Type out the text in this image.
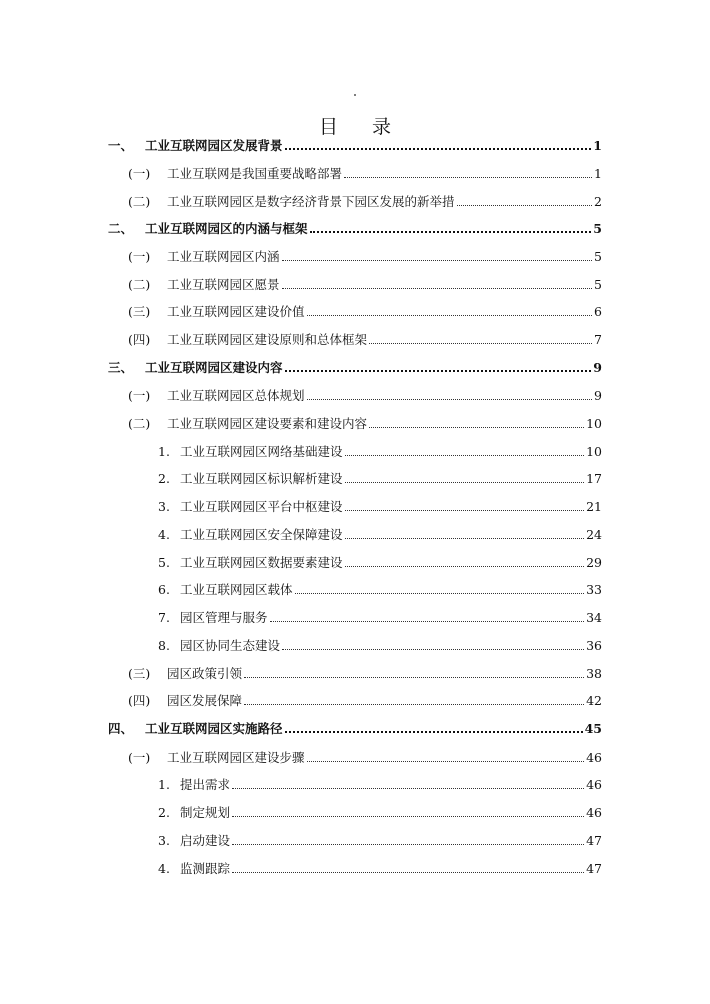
目 录
一、 工业互联网园区发展背景	1
(一)	工业互联网是我国重要战略部署	1
(二)	工业互联网园区是数字经济背景下园区发展的新举措	2
二、 工业互联网园区的内涵与框架	5
(一)	工业互联网园区内涵	5
(二)	工业互联网园区愿景	5
(三)	工业互联网园区建设价值	6
(四)	工业互联网园区建设原则和总体框架	7
三、 工业互联网园区建设内容	9
(一)	工业互联网园区总体规划	9
(二)	工业互联网园区建设要素和建设内容	10
1. 工业互联网园区网络基础建设	10
2. 工业互联网园区标识解析建设	17
3. 工业互联网园区平台中枢建设	21
4. 工业互联网园区安全保障建设	24
5. 工业互联网园区数据要素建设	29
6. 工业互联网园区载体	33
7. 园区管理与服务	34
8. 园区协同生态建设	36
(三)	园区政策引领	38
(四)	园区发展保障	42
四、 工业互联网园区实施路径	45
(一)	工业互联网园区建设步骤	46
1. 提出需求	46
2. 制定规划	46
3. 启动建设	47
4. 监测跟踪	47
